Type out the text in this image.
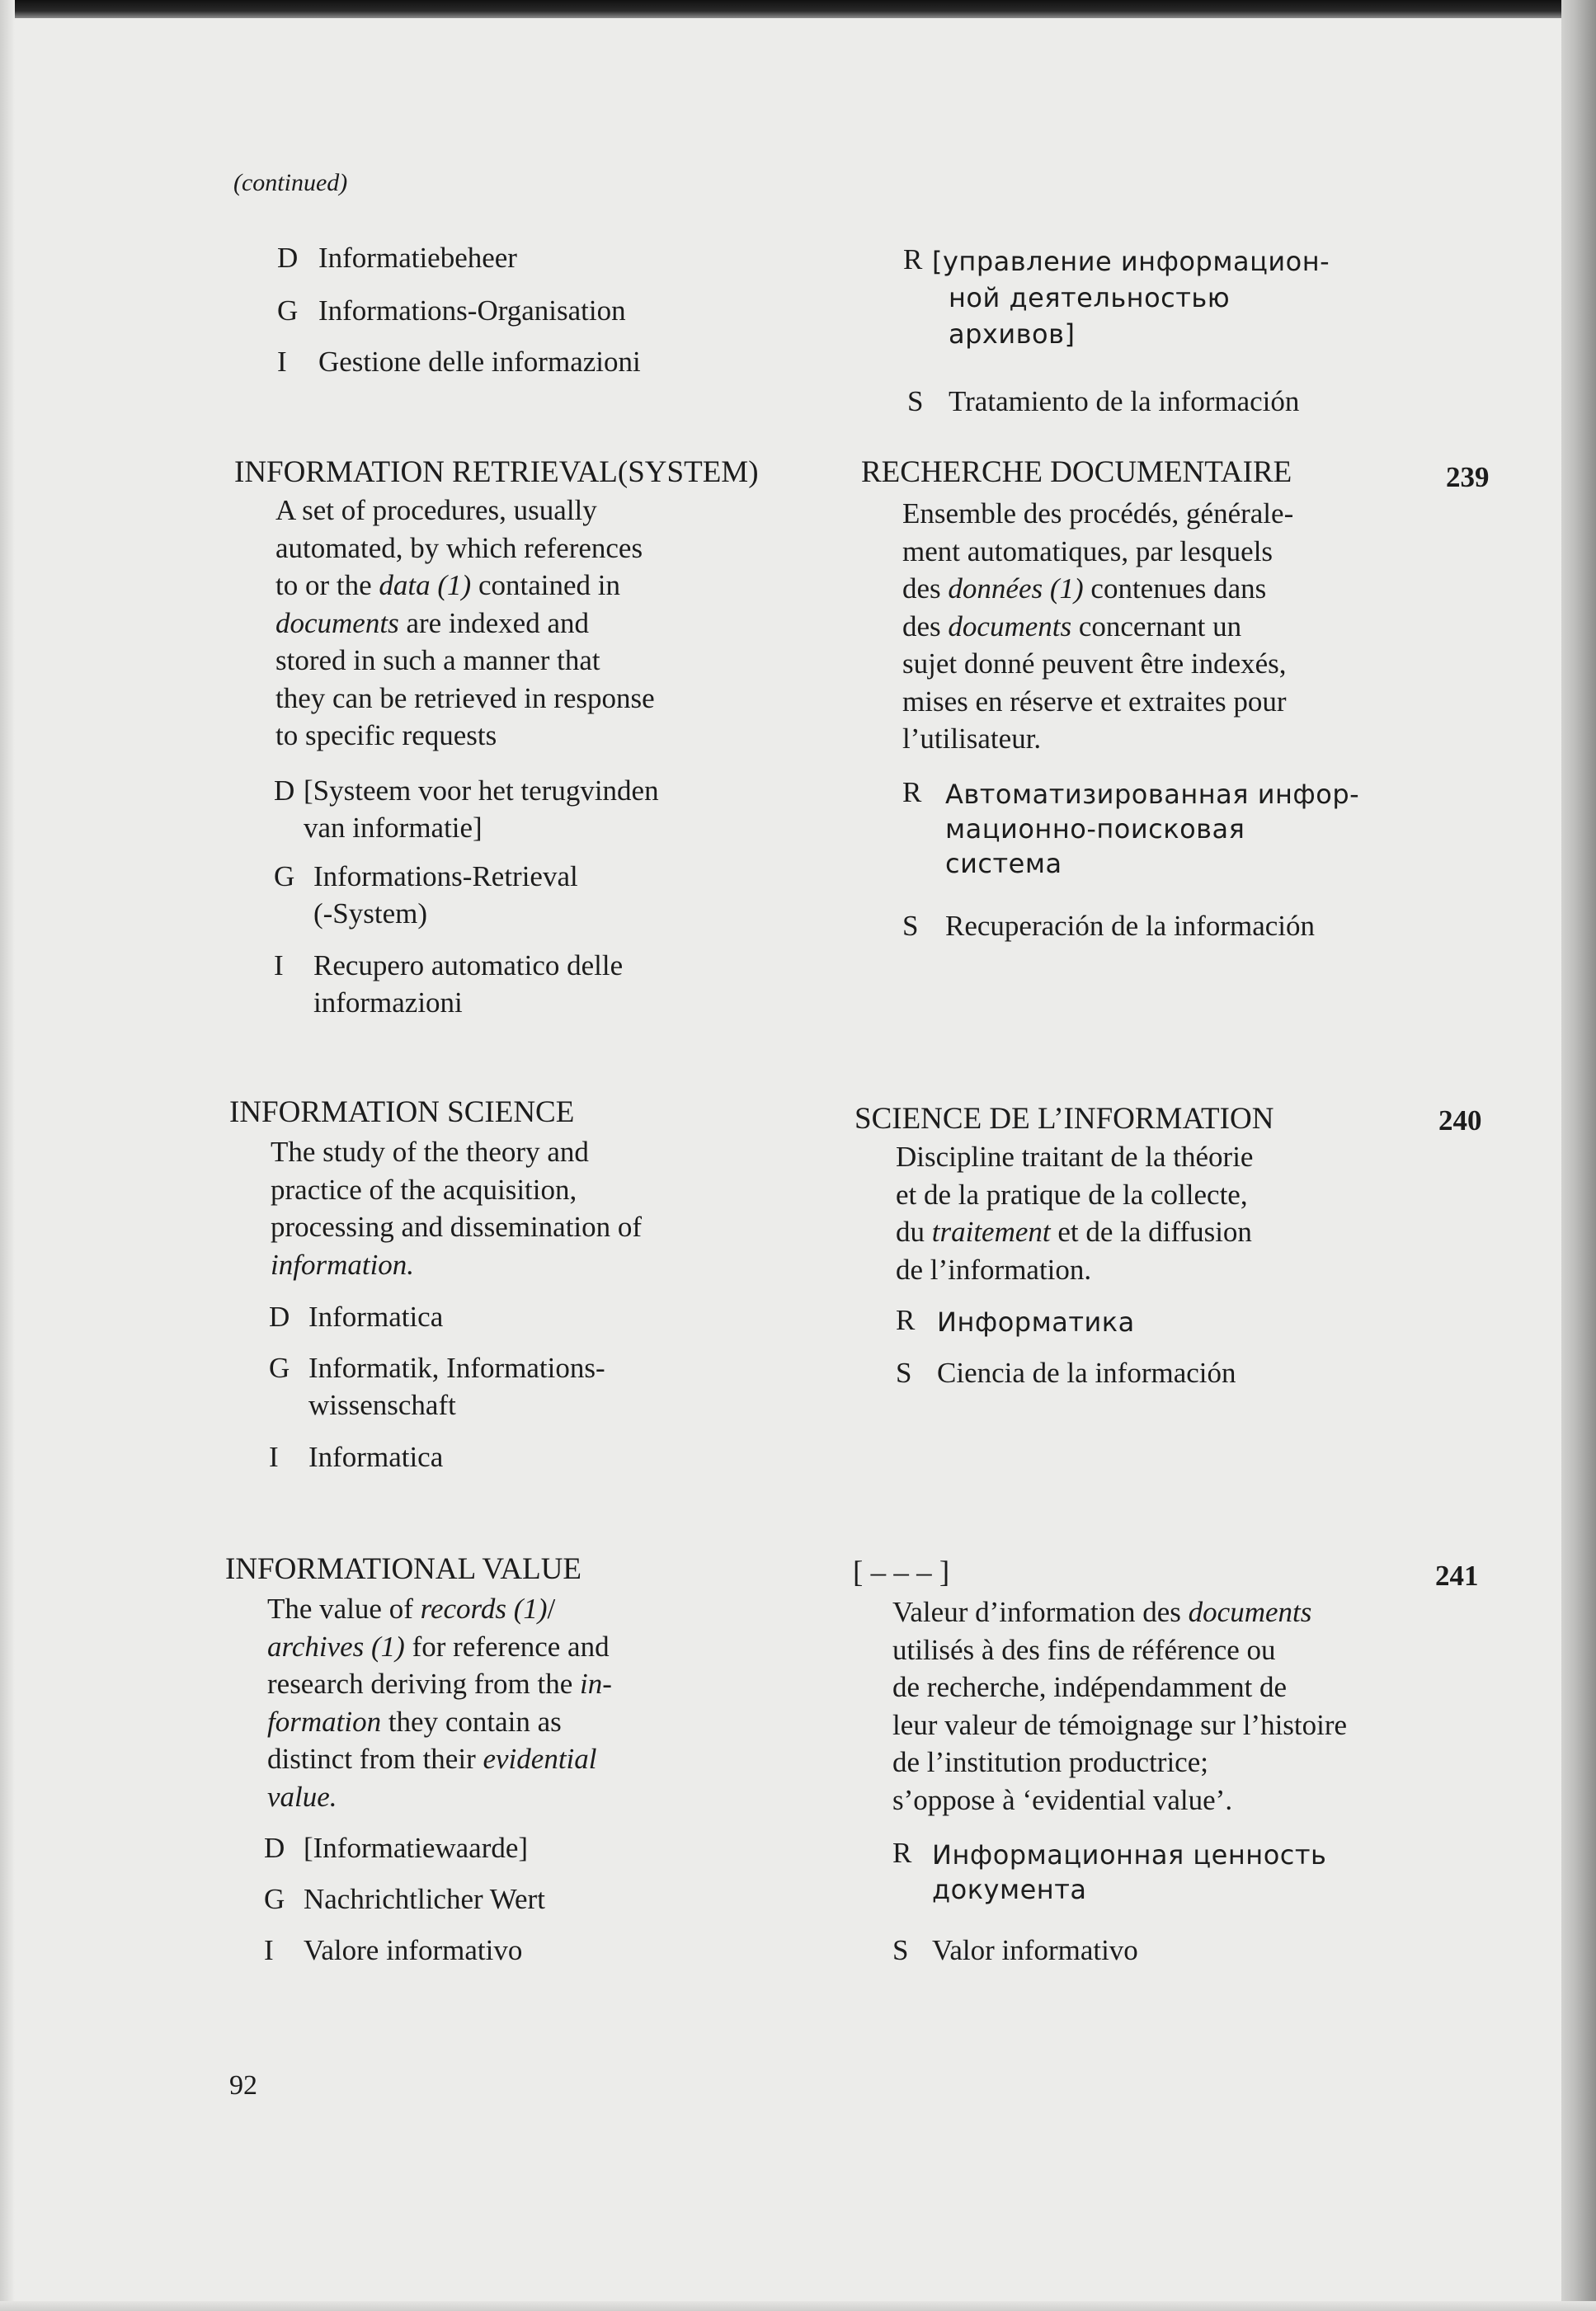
(continued)
D Informatiebeheer
G Informations-Organisation
I Gestione delle informazioni
R [управление информацион-
ной деятельностью
архивов]
S Tratamiento de la información
INFORMATION RETRIEVAL(SYSTEM)	RECHERCHE DOCUMENTAIRE	239
A set of procedures, usually
automated, by which references
to or the data (1) contained in
documents are indexed and
stored in such a manner that
they can be retrieved in response
to specific requests
Ensemble des procédés, générale-
ment automatiques, par lesquels
des données (1) contenues dans
des documents concernant un
sujet donné peuvent être indexés,
mises en réserve et extraites pour
l’utilisateur.
D [Systeem voor het terugvinden
van informatie]
G Informations-Retrieval
(-System)
I Recupero automatico delle
informazioni
R Автоматизированная инфор-
мационно-поисковая
система
S Recuperación de la información
INFORMATION SCIENCE	SCIENCE DE L’INFORMATION	240
The study of the theory and
practice of the acquisition,
processing and dissemination of
information.
Discipline traitant de la théorie
et de la pratique de la collecte,
du traitement et de la diffusion
de l’information.
D Informatica
G Informatik, Informations-
wissenschaft
I Informatica
R Информатика
S Ciencia de la información
INFORMATIONAL VALUE	[ – – – ]	241
The value of records (1)/
archives (1) for reference and
research deriving from the in-
formation they contain as
distinct from their evidential
value.
Valeur d’information des documents
utilisés à des fins de référence ou
de recherche, indépendamment de
leur valeur de témoignage sur l’histoire
de l’institution productrice;
s’oppose à ‘evidential value’.
D [Informatiewaarde]
G Nachrichtlicher Wert
I Valore informativo
R Информационная ценность
документа
S Valor informativo
92
